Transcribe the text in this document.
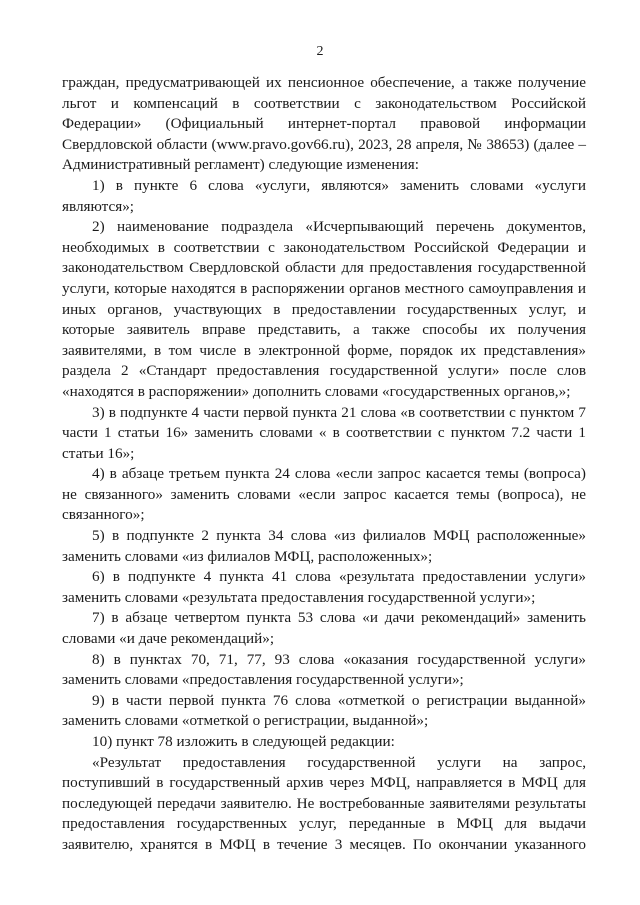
2

граждан, предусматривающей их пенсионное обеспечение, а также получение льгот и компенсаций в соответствии с законодательством Российской Федерации» (Официальный интернет-портал правовой информации Свердловской области (www.pravo.gov66.ru), 2023, 28 апреля, № 38653) (далее – Административный регламент) следующие изменения:

1) в пункте 6 слова «услуги, являются» заменить словами «услуги являются»;

2) наименование подраздела «Исчерпывающий перечень документов, необходимых в соответствии с законодательством Российской Федерации и законодательством Свердловской области для предоставления государственной услуги, которые находятся в распоряжении органов местного самоуправления и иных органов, участвующих в предоставлении государственных услуг, и которые заявитель вправе представить, а также способы их получения заявителями, в том числе в электронной форме, порядок их представления» раздела 2 «Стандарт предоставления государственной услуги» после слов «находятся в распоряжении» дополнить словами «государственных органов,»;

3) в подпункте 4 части первой пункта 21 слова «в соответствии с пунктом 7 части 1 статьи 16» заменить словами « в соответствии с пунктом 7.2 части 1 статьи 16»;

4) в абзаце третьем пункта 24 слова «если запрос касается темы (вопроса) не связанного» заменить словами «если запрос касается темы (вопроса), не связанного»;

5) в подпункте 2 пункта 34 слова «из филиалов МФЦ расположенные» заменить словами «из филиалов МФЦ, расположенных»;

6) в подпункте 4 пункта 41 слова «результата предоставлении услуги» заменить словами «результата предоставления государственной услуги»;

7) в абзаце четвертом пункта 53 слова «и дачи рекомендаций» заменить словами «и даче рекомендаций»;

8) в пунктах 70, 71, 77, 93 слова «оказания государственной услуги» заменить словами «предоставления государственной услуги»;

9) в части первой пункта 76 слова «отметкой о регистрации выданной» заменить словами «отметкой о регистрации, выданной»;

10) пункт 78 изложить в следующей редакции:

«Результат предоставления государственной услуги на запрос, поступивший в государственный архив через МФЦ, направляется в МФЦ для последующей передачи заявителю. Не востребованные заявителями результаты предоставления государственных услуг, переданные в МФЦ для выдачи заявителю, хранятся в МФЦ в течение 3 месяцев. По окончании указанного
